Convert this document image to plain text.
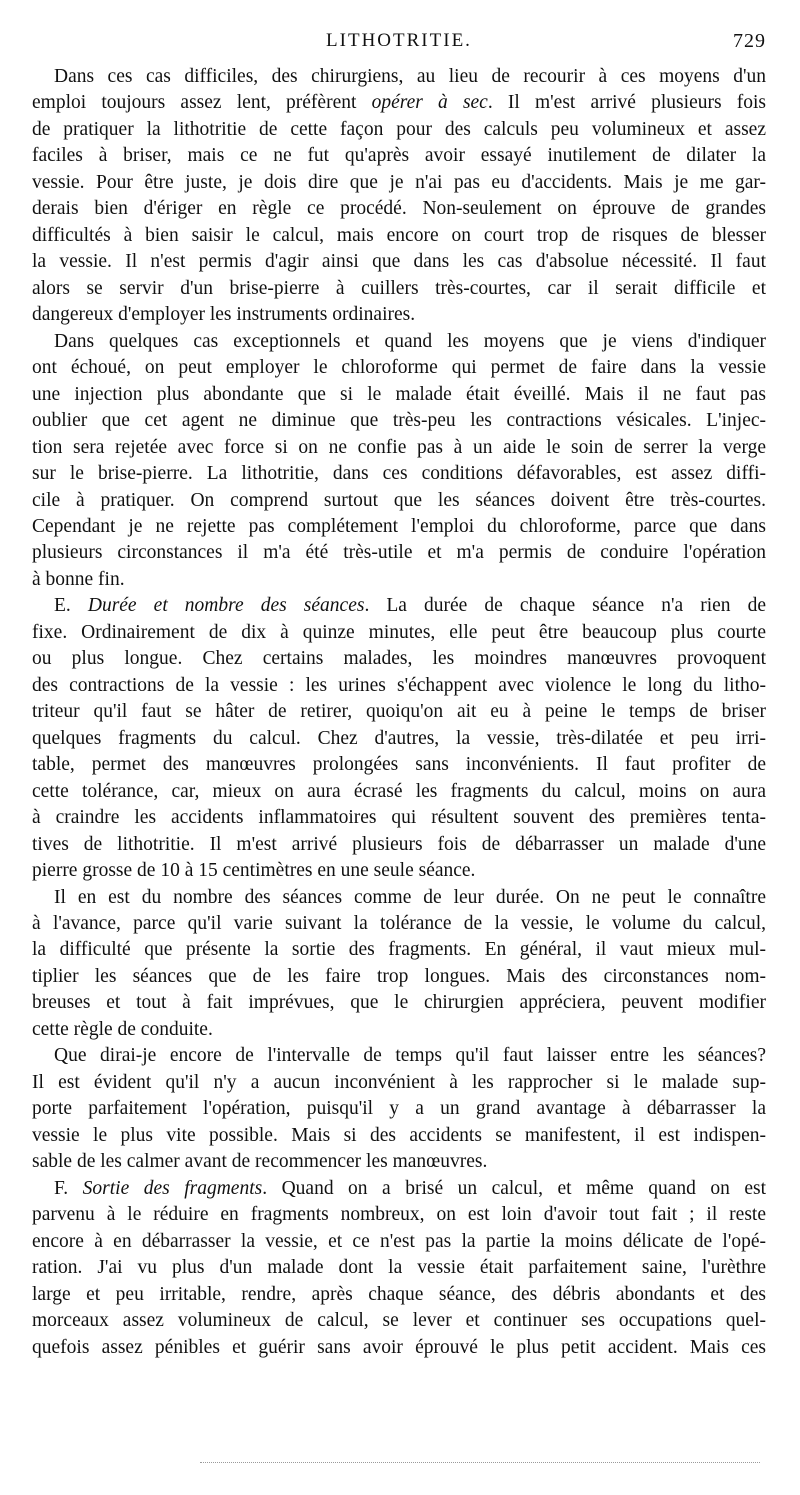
LITHOTRITIE.	729
Dans ces cas difficiles, des chirurgiens, au lieu de recourir à ces moyens d'un
emploi toujours assez lent, préfèrent opérer à sec. Il m'est arrivé plusieurs fois
de pratiquer la lithotritie de cette façon pour des calculs peu volumineux et assez
faciles à briser, mais ce ne fut qu'après avoir essayé inutilement de dilater la
vessie. Pour être juste, je dois dire que je n'ai pas eu d'accidents. Mais je me gar-
derais bien d'ériger en règle ce procédé. Non-seulement on éprouve de grandes
difficultés à bien saisir le calcul, mais encore on court trop de risques de blesser
la vessie. Il n'est permis d'agir ainsi que dans les cas d'absolue nécessité. Il faut
alors se servir d'un brise-pierre à cuillers très-courtes, car il serait difficile et
dangereux d'employer les instruments ordinaires.
Dans quelques cas exceptionnels et quand les moyens que je viens d'indiquer
ont échoué, on peut employer le chloroforme qui permet de faire dans la vessie
une injection plus abondante que si le malade était éveillé. Mais il ne faut pas
oublier que cet agent ne diminue que très-peu les contractions vésicales. L'injec-
tion sera rejetée avec force si on ne confie pas à un aide le soin de serrer la verge
sur le brise-pierre. La lithotritie, dans ces conditions défavorables, est assez diffi-
cile à pratiquer. On comprend surtout que les séances doivent être très-courtes.
Cependant je ne rejette pas complétement l'emploi du chloroforme, parce que dans
plusieurs circonstances il m'a été très-utile et m'a permis de conduire l'opération
à bonne fin.
E. Durée et nombre des séances. La durée de chaque séance n'a rien de
fixe. Ordinairement de dix à quinze minutes, elle peut être beaucoup plus courte
ou plus longue. Chez certains malades, les moindres manœuvres provoquent
des contractions de la vessie : les urines s'échappent avec violence le long du litho-
triteur qu'il faut se hâter de retirer, quoiqu'on ait eu à peine le temps de briser
quelques fragments du calcul. Chez d'autres, la vessie, très-dilatée et peu irri-
table, permet des manœuvres prolongées sans inconvénients. Il faut profiter de
cette tolérance, car, mieux on aura écrasé les fragments du calcul, moins on aura
à craindre les accidents inflammatoires qui résultent souvent des premières tenta-
tives de lithotritie. Il m'est arrivé plusieurs fois de débarrasser un malade d'une
pierre grosse de 10 à 15 centimètres en une seule séance.
Il en est du nombre des séances comme de leur durée. On ne peut le connaître
à l'avance, parce qu'il varie suivant la tolérance de la vessie, le volume du calcul,
la difficulté que présente la sortie des fragments. En général, il vaut mieux mul-
tiplier les séances que de les faire trop longues. Mais des circonstances nom-
breuses et tout à fait imprévues, que le chirurgien appréciera, peuvent modifier
cette règle de conduite.
Que dirai-je encore de l'intervalle de temps qu'il faut laisser entre les séances?
Il est évident qu'il n'y a aucun inconvénient à les rapprocher si le malade sup-
porte parfaitement l'opération, puisqu'il y a un grand avantage à débarrasser la
vessie le plus vite possible. Mais si des accidents se manifestent, il est indispen-
sable de les calmer avant de recommencer les manœuvres.
F. Sortie des fragments. Quand on a brisé un calcul, et même quand on est
parvenu à le réduire en fragments nombreux, on est loin d'avoir tout fait ; il reste
encore à en débarrasser la vessie, et ce n'est pas la partie la moins délicate de l'opé-
ration. J'ai vu plus d'un malade dont la vessie était parfaitement saine, l'urèthre
large et peu irritable, rendre, après chaque séance, des débris abondants et des
morceaux assez volumineux de calcul, se lever et continuer ses occupations quel-
quefois assez pénibles et guérir sans avoir éprouvé le plus petit accident. Mais ces
